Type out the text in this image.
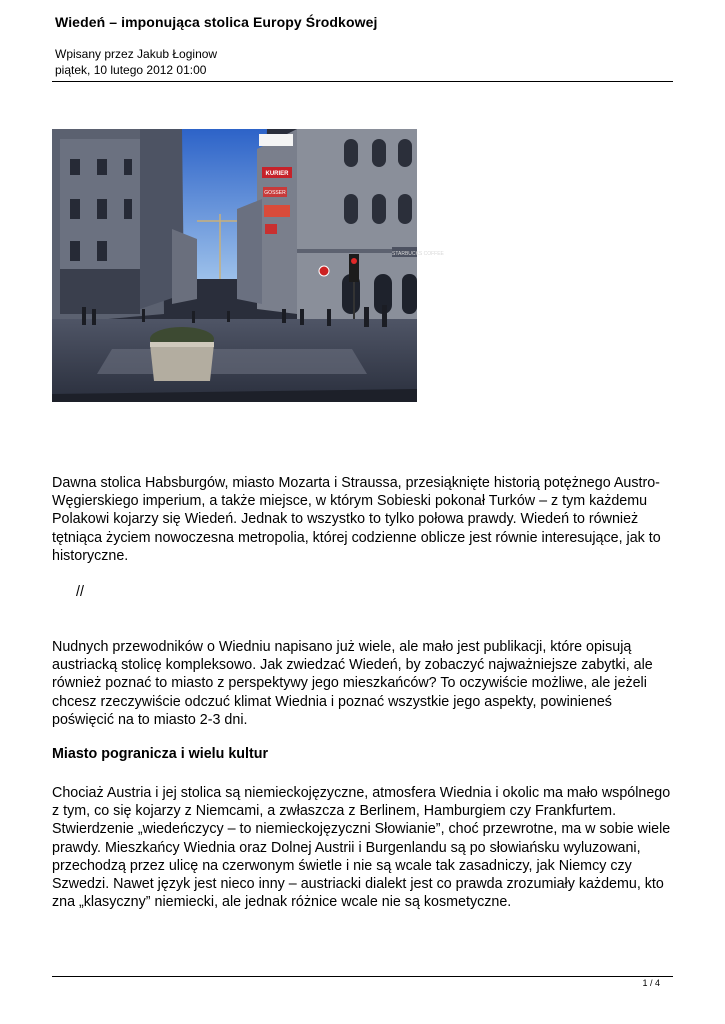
Wiedeń – imponująca stolica Europy Środkowej
Wpisany przez Jakub Łoginow
piątek, 10 lutego 2012 01:00
KURIER
GOSSER
STARBUCKS COFFEE
Dawna stolica Habsburgów, miasto Mozarta i Straussa, przesiąknięte historią potężnego Austro-Węgierskiego imperium, a także miejsce, w którym Sobieski pokonał Turków – z tym każdemu Polakowi kojarzy się Wiedeń. Jednak to wszystko to tylko połowa prawdy. Wiedeń to również tętniąca życiem nowoczesna metropolia, której codzienne oblicze jest równie interesujące, jak to historyczne.
//
Nudnych przewodników o Wiedniu napisano już wiele, ale mało jest publikacji, które opisują austriacką stolicę kompleksowo. Jak zwiedzać Wiedeń, by zobaczyć najważniejsze zabytki, ale również poznać to miasto z perspektywy jego mieszkańców? To oczywiście możliwe, ale jeżeli chcesz rzeczywiście odczuć klimat Wiednia i poznać wszystkie jego aspekty, powinieneś poświęcić na to miasto 2-3 dni.
Miasto pogranicza i wielu kultur
Chociaż Austria i jej stolica są niemieckojęzyczne, atmosfera Wiednia i okolic ma mało wspólnego z tym, co się kojarzy z Niemcami, a zwłaszcza z Berlinem, Hamburgiem czy Frankfurtem. Stwierdzenie „wiedeńczycy – to niemieckojęzyczni Słowianie”, choć przewrotne, ma w sobie wiele prawdy. Mieszkańcy Wiednia oraz Dolnej Austrii i Burgenlandu są po słowiańsku wyluzowani, przechodzą przez ulicę na czerwonym świetle i nie są wcale tak zasadniczy, jak Niemcy czy Szwedzi. Nawet język jest nieco inny – austriacki dialekt jest co prawda zrozumiały każdemu, kto zna „klasyczny” niemiecki, ale jednak różnice wcale nie są kosmetyczne.
1 / 4
